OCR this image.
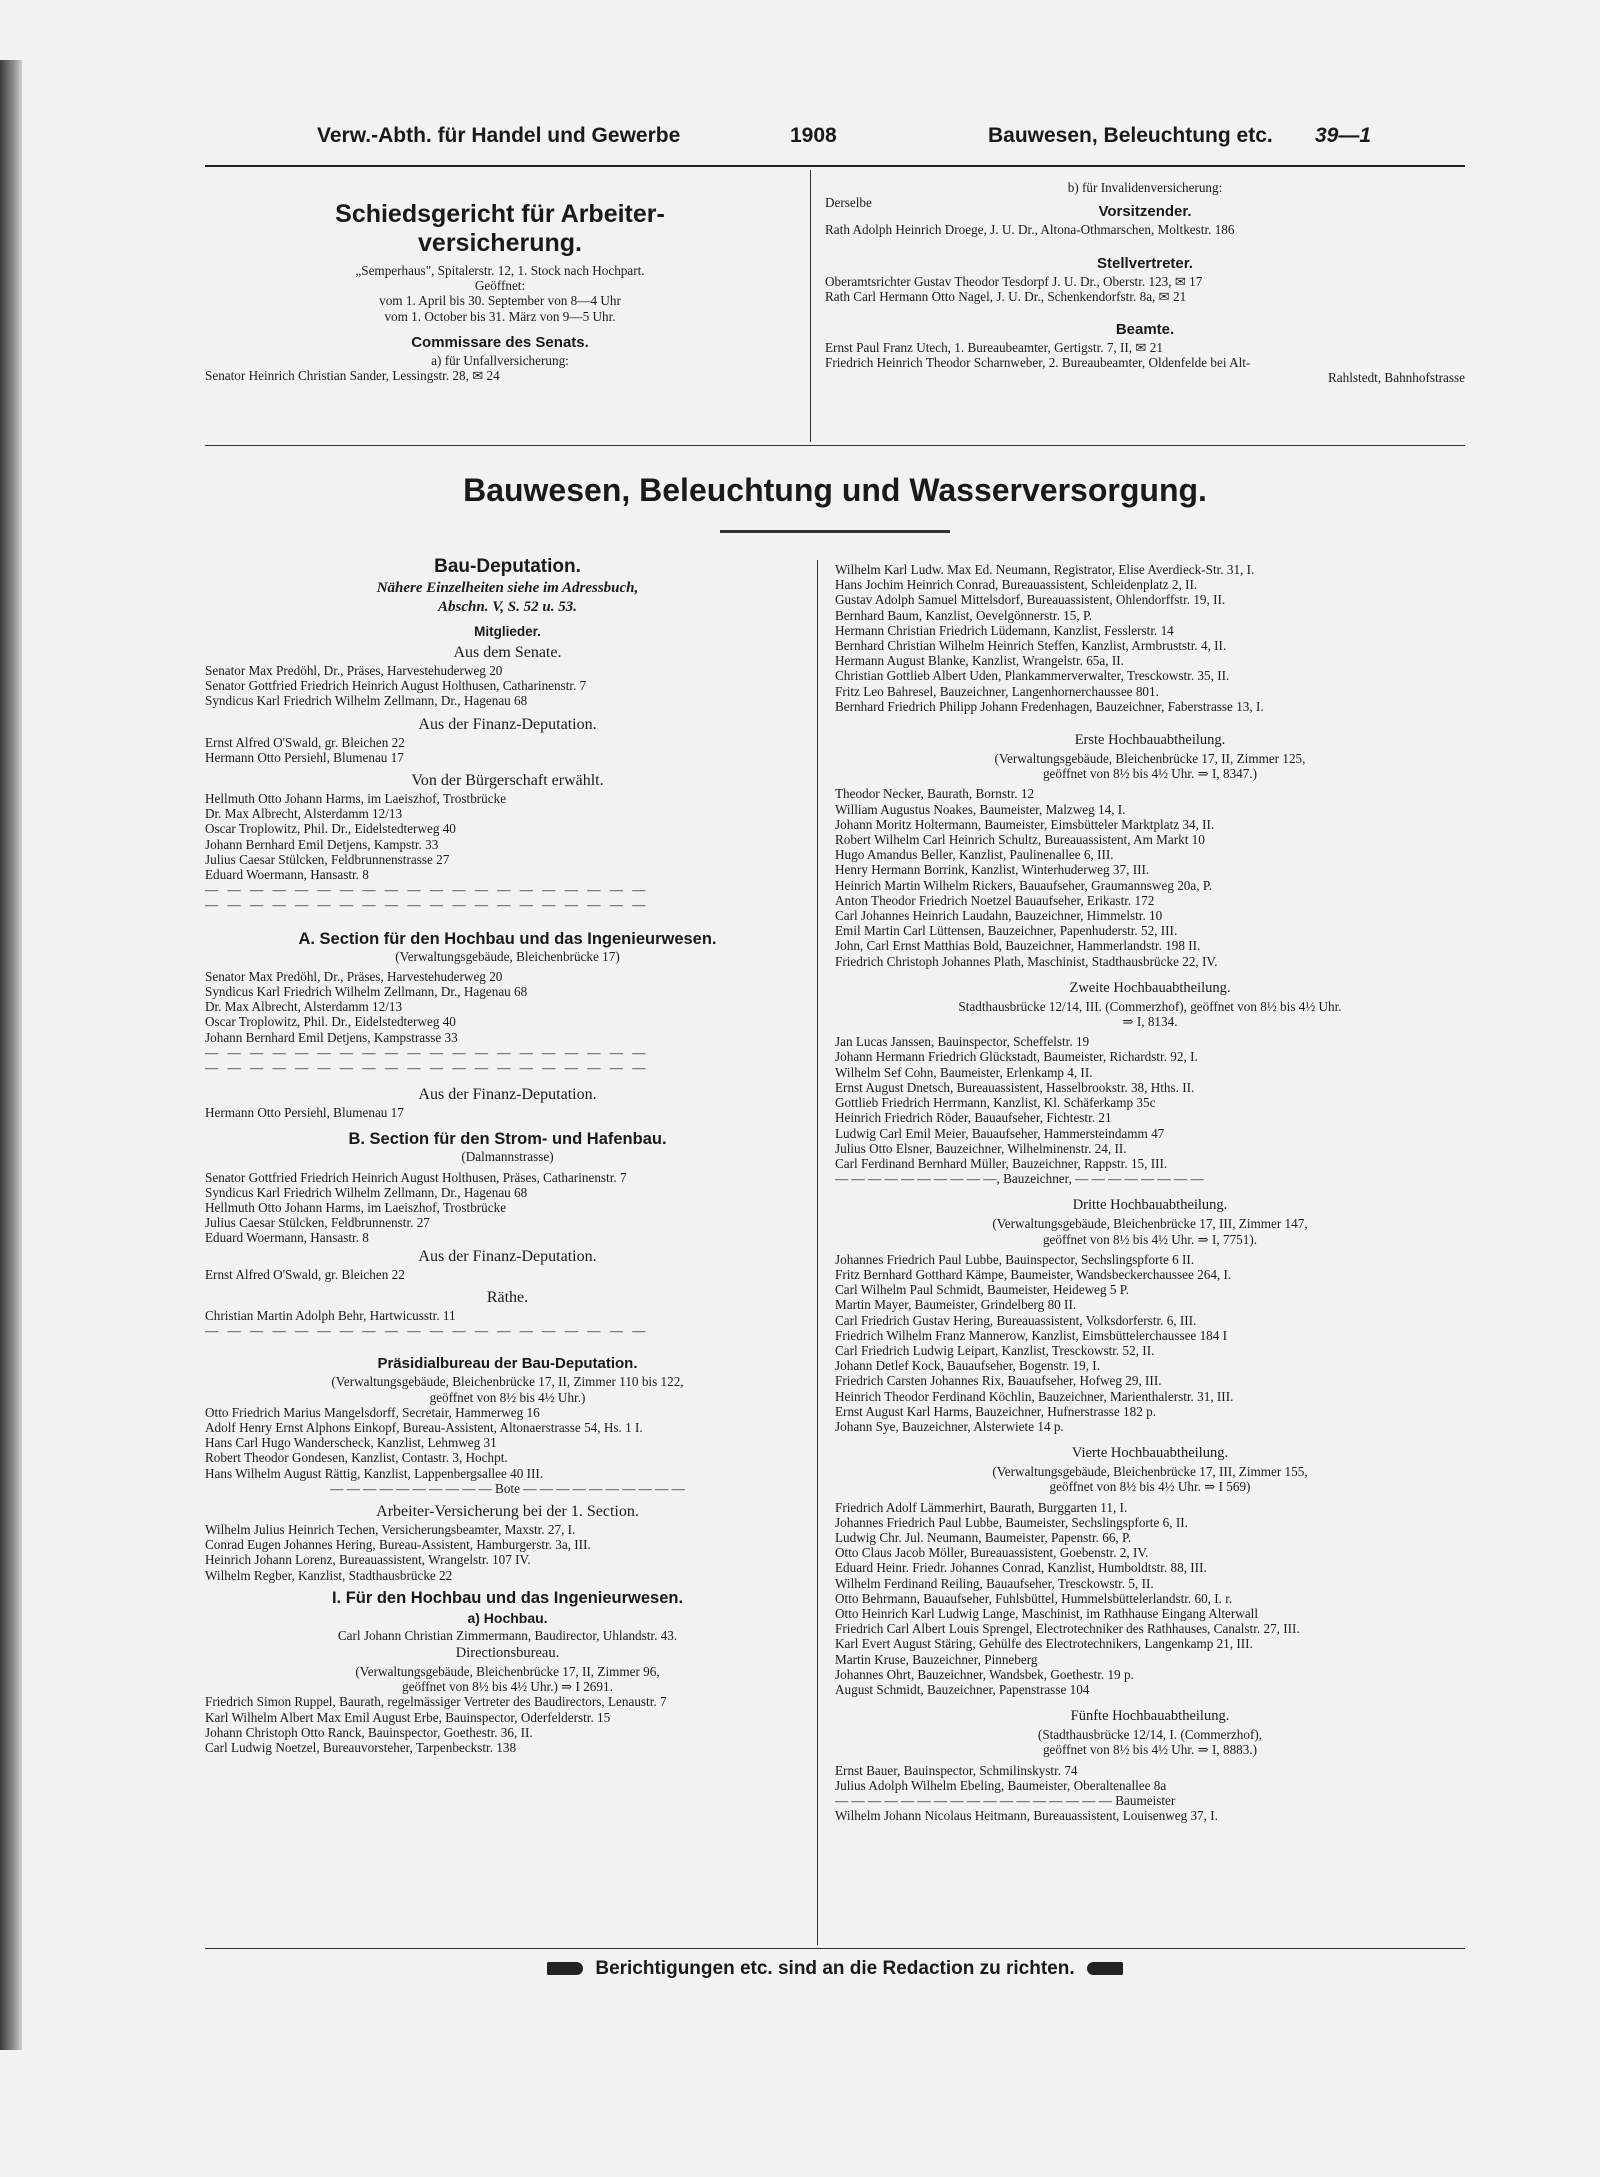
Verw.-Abth. für Handel und Gewerbe	1908	Bauwesen, Beleuchtung etc. 39—1
Schiedsgericht für Arbeiter-
versicherung.
„Semperhaus", Spitalerstr. 12, 1. Stock nach Hochpart.
Geöffnet:
vom 1. April bis 30. September von 8—4 Uhr
vom 1. October bis 31. März von 9—5 Uhr.
Commissare des Senats.
a) für Unfallversicherung:
Senator Heinrich Christian Sander, Lessingstr. 28, ✉ 24
b) für Invalidenversicherung:
Derselbe
Vorsitzender.
Rath Adolph Heinrich Droege, J. U. Dr., Altona-Othmarschen, Moltkestr. 186
Stellvertreter.
Oberamtsrichter Gustav Theodor Tesdorpf J. U. Dr., Oberstr. 123, ✉ 17
Rath Carl Hermann Otto Nagel, J. U. Dr., Schenkendorfstr. 8a, ✉ 21
Beamte.
Ernst Paul Franz Utech, 1. Bureaubeamter, Gertigstr. 7, II, ✉ 21
Friedrich Heinrich Theodor Scharnweber, 2. Bureaubeamter, Oldenfelde bei Alt-
Rahlstedt, Bahnhofstrasse
Bauwesen, Beleuchtung und Wasserversorgung.
Bau-Deputation.
Nähere Einzelheiten siehe im Adressbuch,
Abschn. V, S. 52 u. 53.
Mitglieder.
Aus dem Senate.
Senator Max Predöhl, Dr., Präses, Harvestehuderweg 20
Senator Gottfried Friedrich Heinrich August Holthusen, Catharinenstr. 7
Syndicus Karl Friedrich Wilhelm Zellmann, Dr., Hagenau 68
Aus der Finanz-Deputation.
Ernst Alfred O'Swald, gr. Bleichen 22
Hermann Otto Persiehl, Blumenau 17
Von der Bürgerschaft erwählt.
Hellmuth Otto Johann Harms, im Laeiszhof, Trostbrücke
Dr. Max Albrecht, Alsterdamm 12/13
Oscar Troplowitz, Phil. Dr., Eidelstedterweg 40
Johann Bernhard Emil Detjens, Kampstr. 33
Julius Caesar Stülcken, Feldbrunnenstrasse 27
Eduard Woermann, Hansastr. 8
— — — — — — — — — — — — — — — — — — — —
— — — — — — — — — — — — — — — — — — — —
A. Section für den Hochbau und das Ingenieurwesen.
(Verwaltungsgebäude, Bleichenbrücke 17)
Senator Max Predöhl, Dr., Präses, Harvestehuderweg 20
Syndicus Karl Friedrich Wilhelm Zellmann, Dr., Hagenau 68
Dr. Max Albrecht, Alsterdamm 12/13
Oscar Troplowitz, Phil. Dr., Eidelstedterweg 40
Johann Bernhard Emil Detjens, Kampstrasse 33
— — — — — — — — — — — — — — — — — — — —
— — — — — — — — — — — — — — — — — — — —
Aus der Finanz-Deputation.
Hermann Otto Persiehl, Blumenau 17
B. Section für den Strom- und Hafenbau.
(Dalmannstrasse)
Senator Gottfried Friedrich Heinrich August Holthusen, Präses, Catharinenstr. 7
Syndicus Karl Friedrich Wilhelm Zellmann, Dr., Hagenau 68
Hellmuth Otto Johann Harms, im Laeiszhof, Trostbrücke
Julius Caesar Stülcken, Feldbrunnenstr. 27
Eduard Woermann, Hansastr. 8
Aus der Finanz-Deputation.
Ernst Alfred O'Swald, gr. Bleichen 22
Räthe.
Christian Martin Adolph Behr, Hartwicusstr. 11
— — — — — — — — — — — — — — — — — — — —
Präsidialbureau der Bau-Deputation.
(Verwaltungsgebäude, Bleichenbrücke 17, II, Zimmer 110 bis 122,
geöffnet von 8½ bis 4½ Uhr.)
Otto Friedrich Marius Mangelsdorff, Secretair, Hammerweg 16
Adolf Henry Ernst Alphons Einkopf, Bureau-Assistent, Altonaerstrasse 54, Hs. 1 I.
Hans Carl Hugo Wanderscheck, Kanzlist, Lehmweg 31
Robert Theodor Gondesen, Kanzlist, Contastr. 3, Hochpt.
Hans Wilhelm August Rättig, Kanzlist, Lappenbergsallee 40 III.
— — — — — — — — — — Bote — — — — — — — — — —
Arbeiter-Versicherung bei der 1. Section.
Wilhelm Julius Heinrich Techen, Versicherungsbeamter, Maxstr. 27, I.
Conrad Eugen Johannes Hering, Bureau-Assistent, Hamburgerstr. 3a, III.
Heinrich Johann Lorenz, Bureauassistent, Wrangelstr. 107 IV.
Wilhelm Regber, Kanzlist, Stadthausbrücke 22
I. Für den Hochbau und das Ingenieurwesen.
a) Hochbau.
Carl Johann Christian Zimmermann, Baudirector, Uhlandstr. 43.
Directionsbureau.
(Verwaltungsgebäude, Bleichenbrücke 17, II, Zimmer 96,
geöffnet von 8½ bis 4½ Uhr.) ⇒ I 2691.
Friedrich Simon Ruppel, Baurath, regelmässiger Vertreter des Baudirectors, Lenaustr. 7
Karl Wilhelm Albert Max Emil August Erbe, Bauinspector, Oderfelderstr. 15
Johann Christoph Otto Ranck, Bauinspector, Goethestr. 36, II.
Carl Ludwig Noetzel, Bureauvorsteher, Tarpenbeckstr. 138
Wilhelm Karl Ludw. Max Ed. Neumann, Registrator, Elise Averdieck-Str. 31, I.
Hans Jochim Heinrich Conrad, Bureauassistent, Schleidenplatz 2, II.
Gustav Adolph Samuel Mittelsdorf, Bureauassistent, Ohlendorffstr. 19, II.
Bernhard Baum, Kanzlist, Oevelgönnerstr. 15, P.
Hermann Christian Friedrich Lüdemann, Kanzlist, Fesslerstr. 14
Bernhard Christian Wilhelm Heinrich Steffen, Kanzlist, Armbruststr. 4, II.
Hermann August Blanke, Kanzlist, Wrangelstr. 65a, II.
Christian Gottlieb Albert Uden, Plankammerverwalter, Tresckowstr. 35, II.
Fritz Leo Bahresel, Bauzeichner, Langenhornerchaussee 801.
Bernhard Friedrich Philipp Johann Fredenhagen, Bauzeichner, Faberstrasse 13, I.
Erste Hochbauabtheilung.
(Verwaltungsgebäude, Bleichenbrücke 17, II, Zimmer 125,
geöffnet von 8½ bis 4½ Uhr. ⇒ I, 8347.)
Theodor Necker, Baurath, Bornstr. 12
William Augustus Noakes, Baumeister, Malzweg 14, I.
Johann Moritz Holtermann, Baumeister, Eimsbütteler Marktplatz 34, II.
Robert Wilhelm Carl Heinrich Schultz, Bureauassistent, Am Markt 10
Hugo Amandus Beller, Kanzlist, Paulinenallee 6, III.
Henry Hermann Borrink, Kanzlist, Winterhuderweg 37, III.
Heinrich Martin Wilhelm Rickers, Bauaufseher, Graumannsweg 20a, P.
Anton Theodor Friedrich Noetzel Bauaufseher, Erikastr. 172
Carl Johannes Heinrich Laudahn, Bauzeichner, Himmelstr. 10
Emil Martin Carl Lüttensen, Bauzeichner, Papenhuderstr. 52, III.
John, Carl Ernst Matthias Bold, Bauzeichner, Hammerlandstr. 198 II.
Friedrich Christoph Johannes Plath, Maschinist, Stadthausbrücke 22, IV.
Zweite Hochbauabtheilung.
Stadthausbrücke 12/14, III. (Commerzhof), geöffnet von 8½ bis 4½ Uhr.
⇒ I, 8134.
Jan Lucas Janssen, Bauinspector, Scheffelstr. 19
Johann Hermann Friedrich Glückstadt, Baumeister, Richardstr. 92, I.
Wilhelm Sef Cohn, Baumeister, Erlenkamp 4, II.
Ernst August Dnetsch, Bureauassistent, Hasselbrookstr. 38, Hths. II.
Gottlieb Friedrich Herrmann, Kanzlist, Kl. Schäferkamp 35c
Heinrich Friedrich Röder, Bauaufseher, Fichtestr. 21
Ludwig Carl Emil Meier, Bauaufseher, Hammersteindamm 47
Julius Otto Elsner, Bauzeichner, Wilhelminenstr. 24, II.
Carl Ferdinand Bernhard Müller, Bauzeichner, Rappstr. 15, III.
— — — — — — — — — —, Bauzeichner, — — — — — — — —
Dritte Hochbauabtheilung.
(Verwaltungsgebäude, Bleichenbrücke 17, III, Zimmer 147,
geöffnet von 8½ bis 4½ Uhr. ⇒ I, 7751).
Johannes Friedrich Paul Lubbe, Bauinspector, Sechslingspforte 6 II.
Fritz Bernhard Gotthard Kämpe, Baumeister, Wandsbeckerchaussee 264, I.
Carl Wilhelm Paul Schmidt, Baumeister, Heideweg 5 P.
Martin Mayer, Baumeister, Grindelberg 80 II.
Carl Friedrich Gustav Hering, Bureauassistent, Volksdorferstr. 6, III.
Friedrich Wilhelm Franz Mannerow, Kanzlist, Eimsbüttelerchaussee 184 I
Carl Friedrich Ludwig Leipart, Kanzlist, Tresckowstr. 52, II.
Johann Detlef Kock, Bauaufseher, Bogenstr. 19, I.
Friedrich Carsten Johannes Rix, Bauaufseher, Hofweg 29, III.
Heinrich Theodor Ferdinand Köchlin, Bauzeichner, Marienthalerstr. 31, III.
Ernst August Karl Harms, Bauzeichner, Hufnerstrasse 182 p.
Johann Sye, Bauzeichner, Alsterwiete 14 p.
Vierte Hochbauabtheilung.
(Verwaltungsgebäude, Bleichenbrücke 17, III, Zimmer 155,
geöffnet von 8½ bis 4½ Uhr. ⇒ I 569)
Friedrich Adolf Lämmerhirt, Baurath, Burggarten 11, I.
Johannes Friedrich Paul Lubbe, Baumeister, Sechslingspforte 6, II.
Ludwig Chr. Jul. Neumann, Baumeister, Papenstr. 66, P.
Otto Claus Jacob Möller, Bureauassistent, Goebenstr. 2, IV.
Eduard Heinr. Friedr. Johannes Conrad, Kanzlist, Humboldtstr. 88, III.
Wilhelm Ferdinand Reiling, Bauaufseher, Tresckowstr. 5, II.
Otto Behrmann, Bauaufseher, Fuhlsbüttel, Hummelsbüttelerlandstr. 60, I. r.
Otto Heinrich Karl Ludwig Lange, Maschinist, im Rathhause Eingang Alterwall
Friedrich Carl Albert Louis Sprengel, Electrotechniker des Rathhauses, Canalstr. 27, III.
Karl Evert August Stäring, Gehülfe des Electrotechnikers, Langenkamp 21, III.
Martin Kruse, Bauzeichner, Pinneberg
Johannes Ohrt, Bauzeichner, Wandsbek, Goethestr. 19 p.
August Schmidt, Bauzeichner, Papenstrasse 104
Fünfte Hochbauabtheilung.
(Stadthausbrücke 12/14, I. (Commerzhof),
geöffnet von 8½ bis 4½ Uhr. ⇒ I, 8883.)
Ernst Bauer, Bauinspector, Schmilinskystr. 74
Julius Adolph Wilhelm Ebeling, Baumeister, Oberaltenallee 8a
— — — — — — — — — — — — — — — — — Baumeister
Wilhelm Johann Nicolaus Heitmann, Bureauassistent, Louisenweg 37, I.
Berichtigungen etc. sind an die Redaction zu richten.
